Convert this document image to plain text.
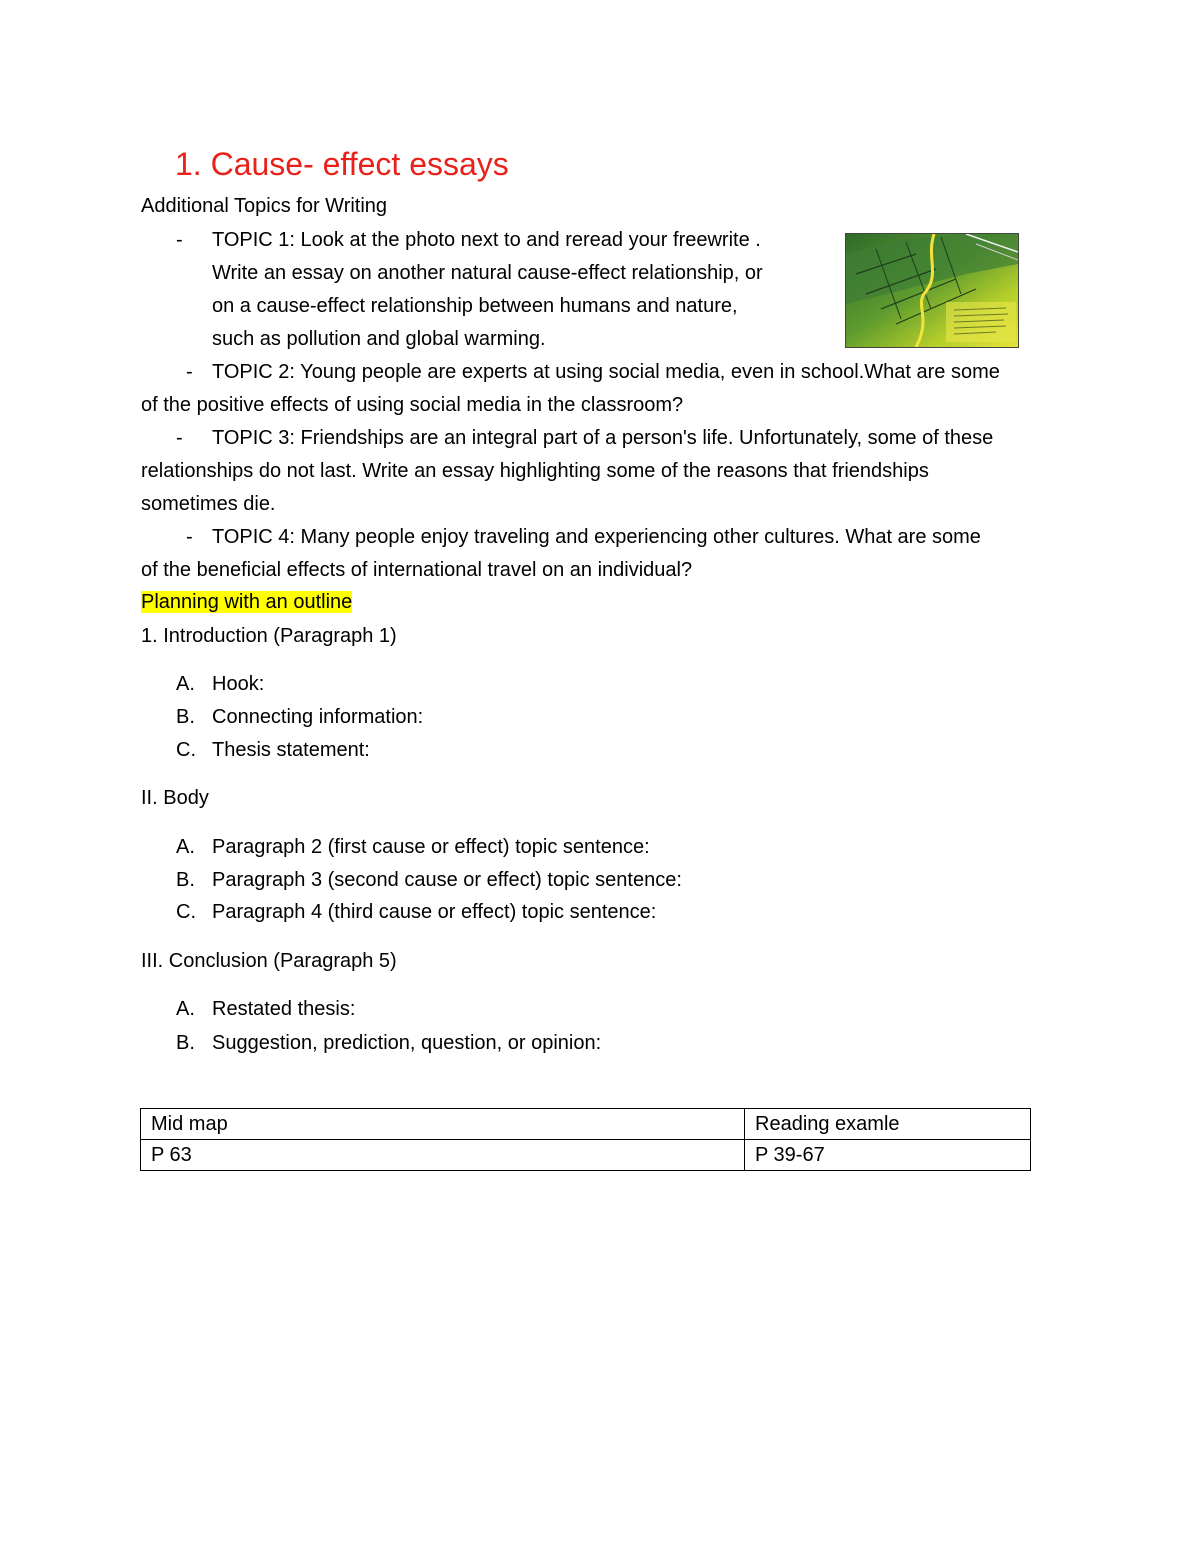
1. Cause- effect essays
Additional Topics for Writing
- TOPIC 1: Look at the photo next to and reread your freewrite .
Write an essay on another natural cause-effect relationship, or
on a cause-effect relationship between humans and nature,
such as pollution and global warming.
- TOPIC 2: Young people are experts at using social media, even in school.What are some
of the positive effects of using social media in the classroom?
- TOPIC 3: Friendships are an integral part of a person's life. Unfortunately, some of these
relationships do not last. Write an essay highlighting some of the reasons that friendships
sometimes die.
- TOPIC 4: Many people enjoy traveling and experiencing other cultures. What are some
of the beneficial effects of international travel on an individual?
Planning with an outline
1. Introduction (Paragraph 1)
A. Hook:
B. Connecting information:
C. Thesis statement:
II. Body
A. Paragraph 2 (first cause or effect) topic sentence:
B. Paragraph 3 (second cause or effect) topic sentence:
C. Paragraph 4 (third cause or effect) topic sentence:
III. Conclusion (Paragraph 5)
A. Restated thesis:
B. Suggestion, prediction, question, or opinion:
Mid map	Reading examle
P 63	P 39-67
